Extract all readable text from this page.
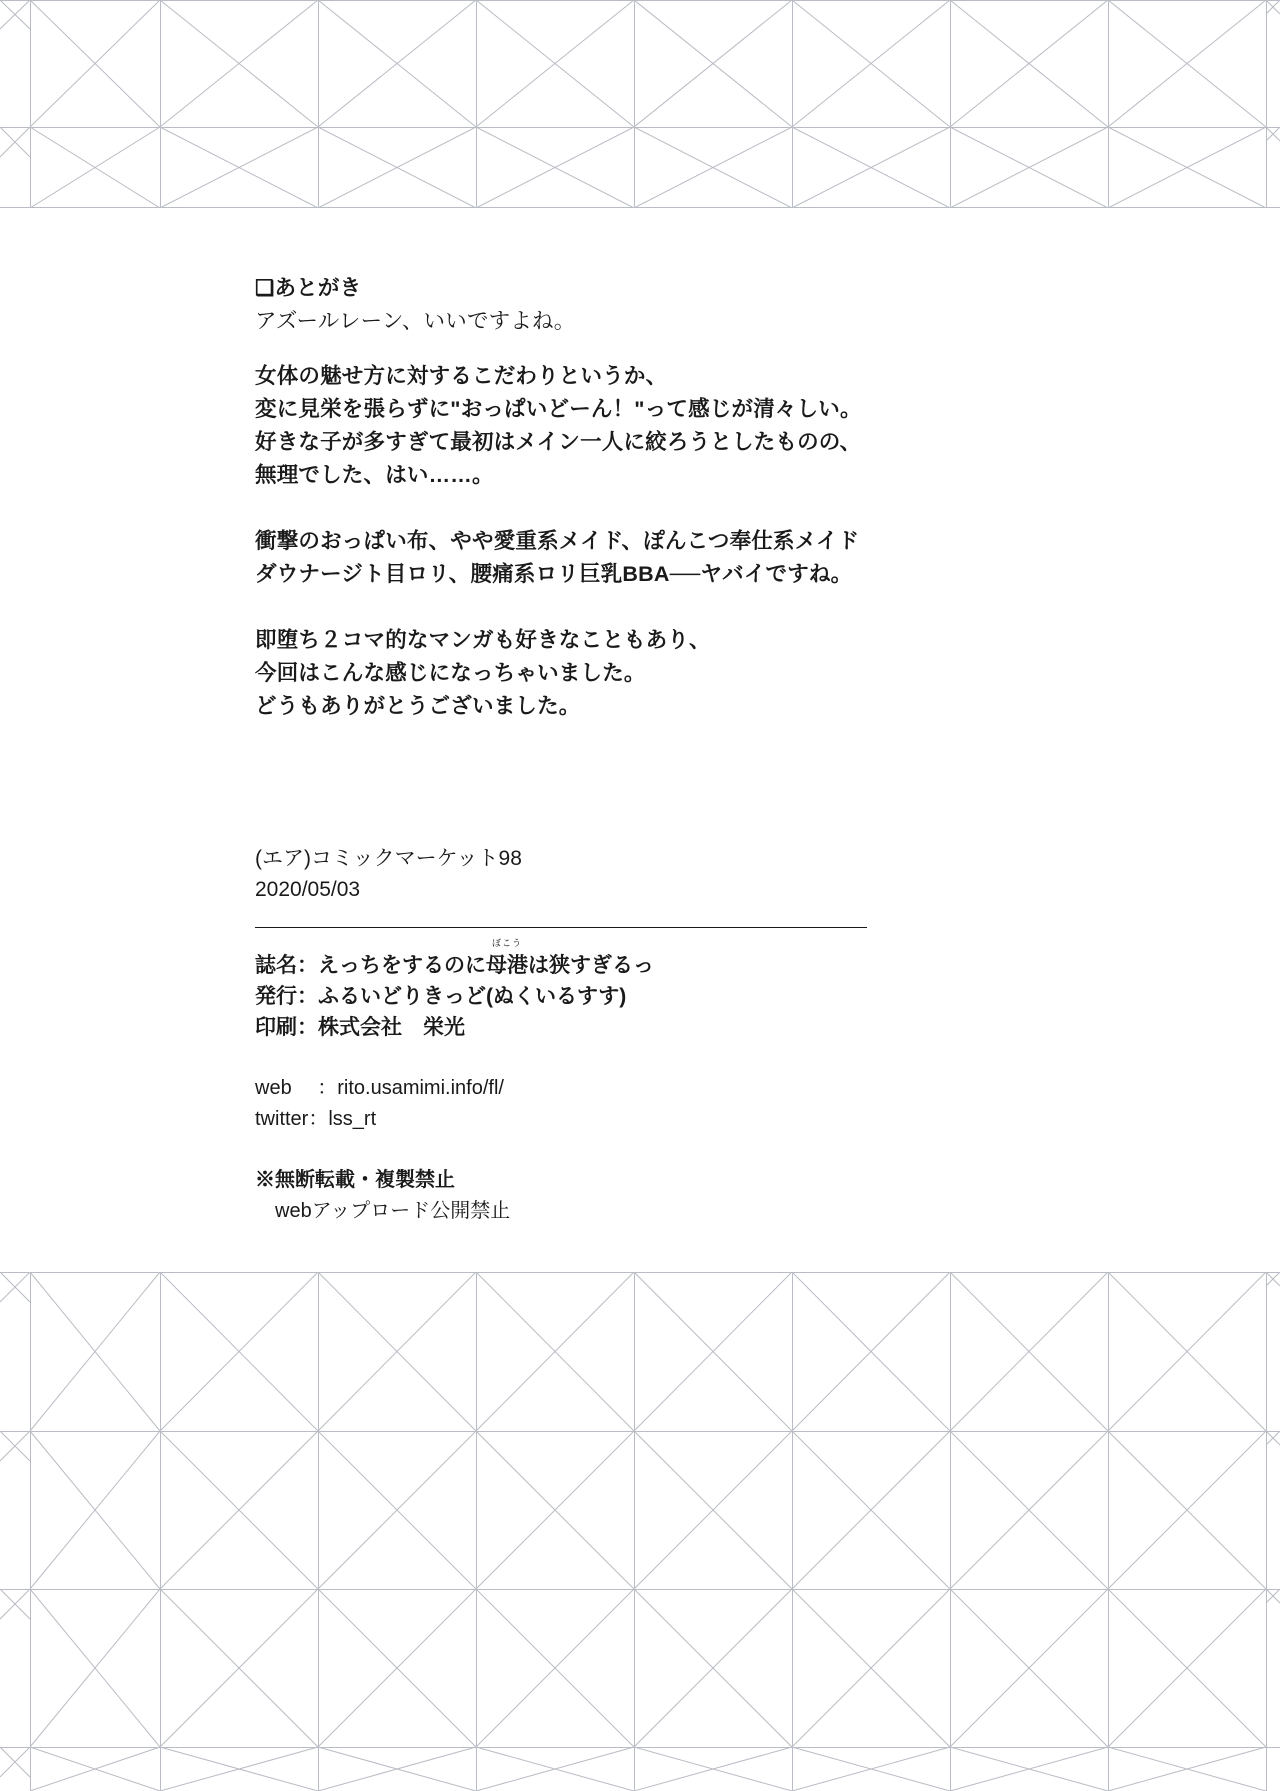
❑あとがき
アズールレーン、いいですよね。
女体の魅せ方に対するこだわりというか、
変に見栄を張らずに"おっぱいどーん！"って感じが清々しい。
好きな子が多すぎて最初はメイン一人に絞ろうとしたものの、
無理でした、はい……。
衝撃のおっぱい布、やや愛重系メイド、ぽんこつ奉仕系メイド
ダウナージト目ロリ、腰痛系ロリ巨乳BBA──ヤバイですね。
即堕ち２コマ的なマンガも好きなこともあり、
今回はこんな感じになっちゃいました。
どうもありがとうございました。
(エア)コミックマーケット98
2020/05/03
誌名：えっちをするのに
ぼこう
母港は狭すぎるっ
発行：ふるいどりきっど(ぬくいるすす)
印刷：株式会社　栄光
web　 ：rito.usamimi.info/fl/
twitter：lss_rt
※無断転載・複製禁止
webアップロード公開禁止
